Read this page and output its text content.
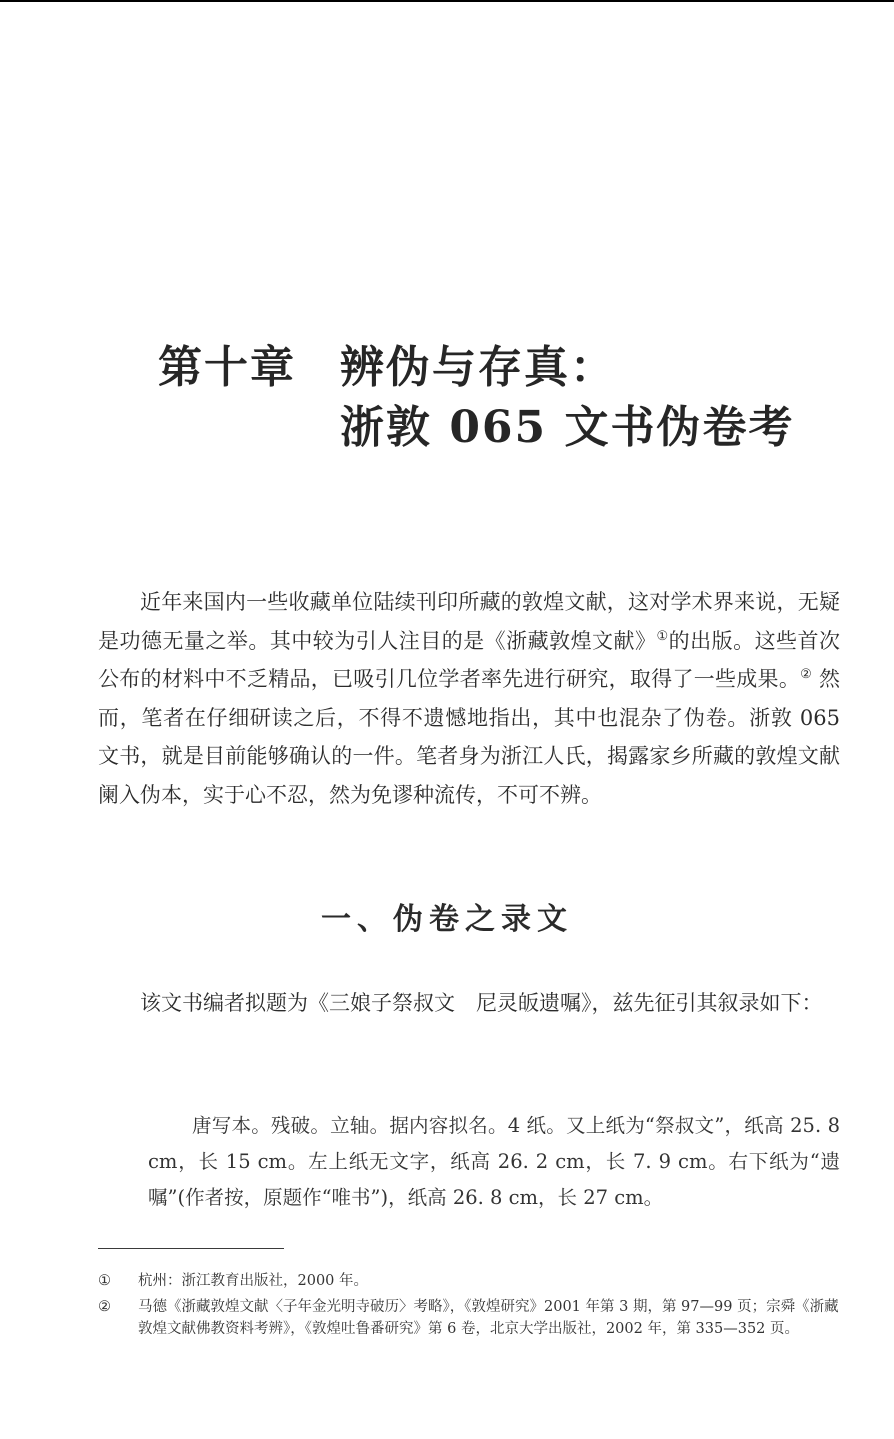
第十章 辨伪与存真：
浙敦 065 文书伪卷考
近年来国内一些收藏单位陆续刊印所藏的敦煌文献，这对学术界来说，无疑是功德无量之举。其中较为引人注目的是《浙藏敦煌文献》①的出版。这些首次公布的材料中不乏精品，已吸引几位学者率先进行研究，取得了一些成果。② 然而，笔者在仔细研读之后，不得不遗憾地指出，其中也混杂了伪卷。浙敦 065 文书，就是目前能够确认的一件。笔者身为浙江人氏，揭露家乡所藏的敦煌文献阑入伪本，实于心不忍，然为免谬种流传，不可不辨。
一、伪卷之录文
该文书编者拟题为《三娘子祭叔文　尼灵皈遗嘱》，兹先征引其叙录如下：
唐写本。残破。立轴。据内容拟名。4 纸。又上纸为“祭叔文”，纸高 25. 8 cm，长 15 cm。左上纸无文字，纸高 26. 2 cm，长 7. 9 cm。右下纸为“遗嘱”(作者按，原题作“唯书”)，纸高 26. 8 cm，长 27 cm。
① 杭州：浙江教育出版社，2000 年。
② 马德《浙藏敦煌文献〈子年金光明寺破历〉考略》，《敦煌研究》2001 年第 3 期，第 97—99 页；宗舜《浙藏敦煌文献佛教资料考辨》，《敦煌吐鲁番研究》第 6 卷，北京大学出版社，2002 年，第 335—352 页。
